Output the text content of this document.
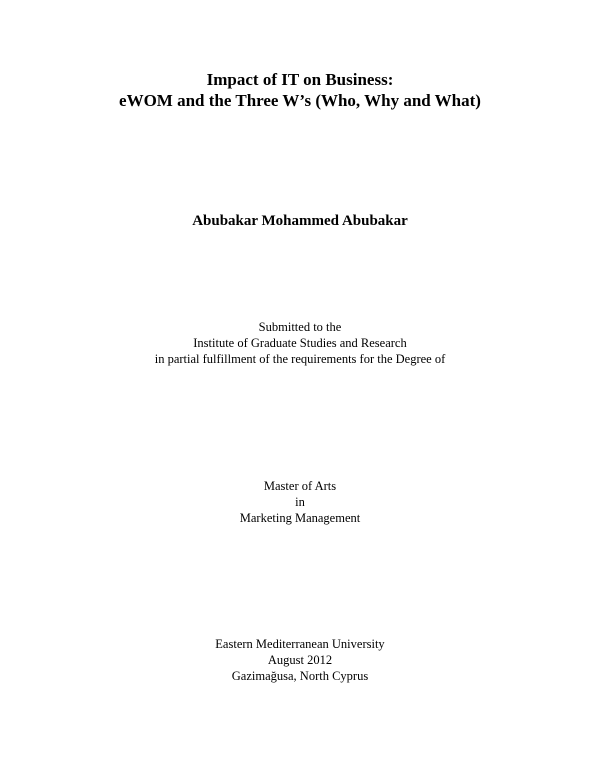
Impact of IT on Business:
eWOM and the Three W’s (Who, Why and What)
Abubakar Mohammed Abubakar
Submitted to the
Institute of Graduate Studies and Research
in partial fulfillment of the requirements for the Degree of
Master of Arts
in
Marketing Management
Eastern Mediterranean University
August 2012
Gazimağusa, North Cyprus
